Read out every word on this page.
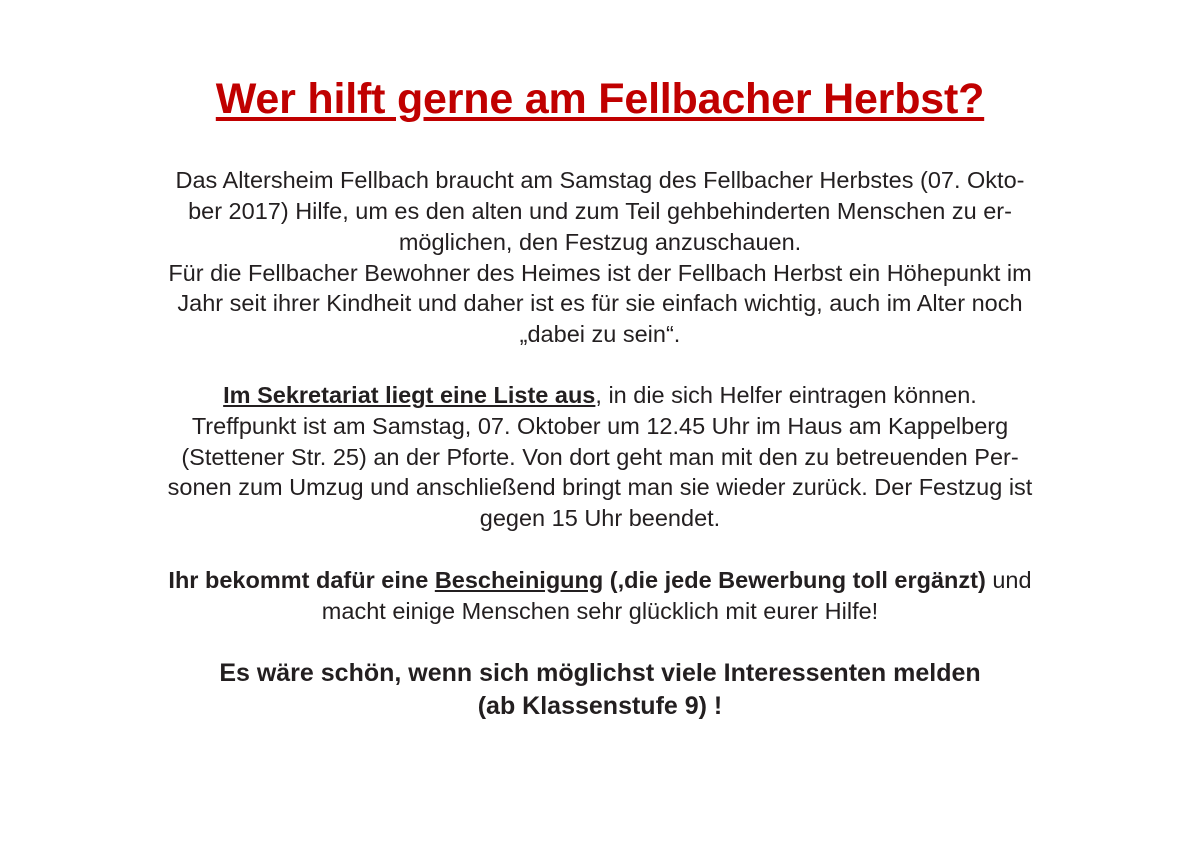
Wer hilft gerne am Fellbacher Herbst?

Das Altersheim Fellbach braucht am Samstag des Fellbacher Herbstes (07. Okto-
ber 2017) Hilfe, um es den alten und zum Teil gehbehinderten Menschen zu er-
möglichen, den Festzug anzuschauen.
Für die Fellbacher Bewohner des Heimes ist der Fellbach Herbst ein Höhepunkt im
Jahr seit ihrer Kindheit und daher ist es für sie einfach wichtig, auch im Alter noch
„dabei zu sein“.

Im Sekretariat liegt eine Liste aus, in die sich Helfer eintragen können.
Treffpunkt ist am Samstag, 07. Oktober um 12.45 Uhr im Haus am Kappelberg
(Stettener Str. 25) an der Pforte. Von dort geht man mit den zu betreuenden Per-
sonen zum Umzug und anschließend bringt man sie wieder zurück. Der Festzug ist
gegen 15 Uhr beendet.

Ihr bekommt dafür eine Bescheinigung (,die jede Bewerbung toll ergänzt) und
macht einige Menschen sehr glücklich mit eurer Hilfe!

Es wäre schön, wenn sich möglichst viele Interessenten melden
(ab Klassenstufe 9) !
